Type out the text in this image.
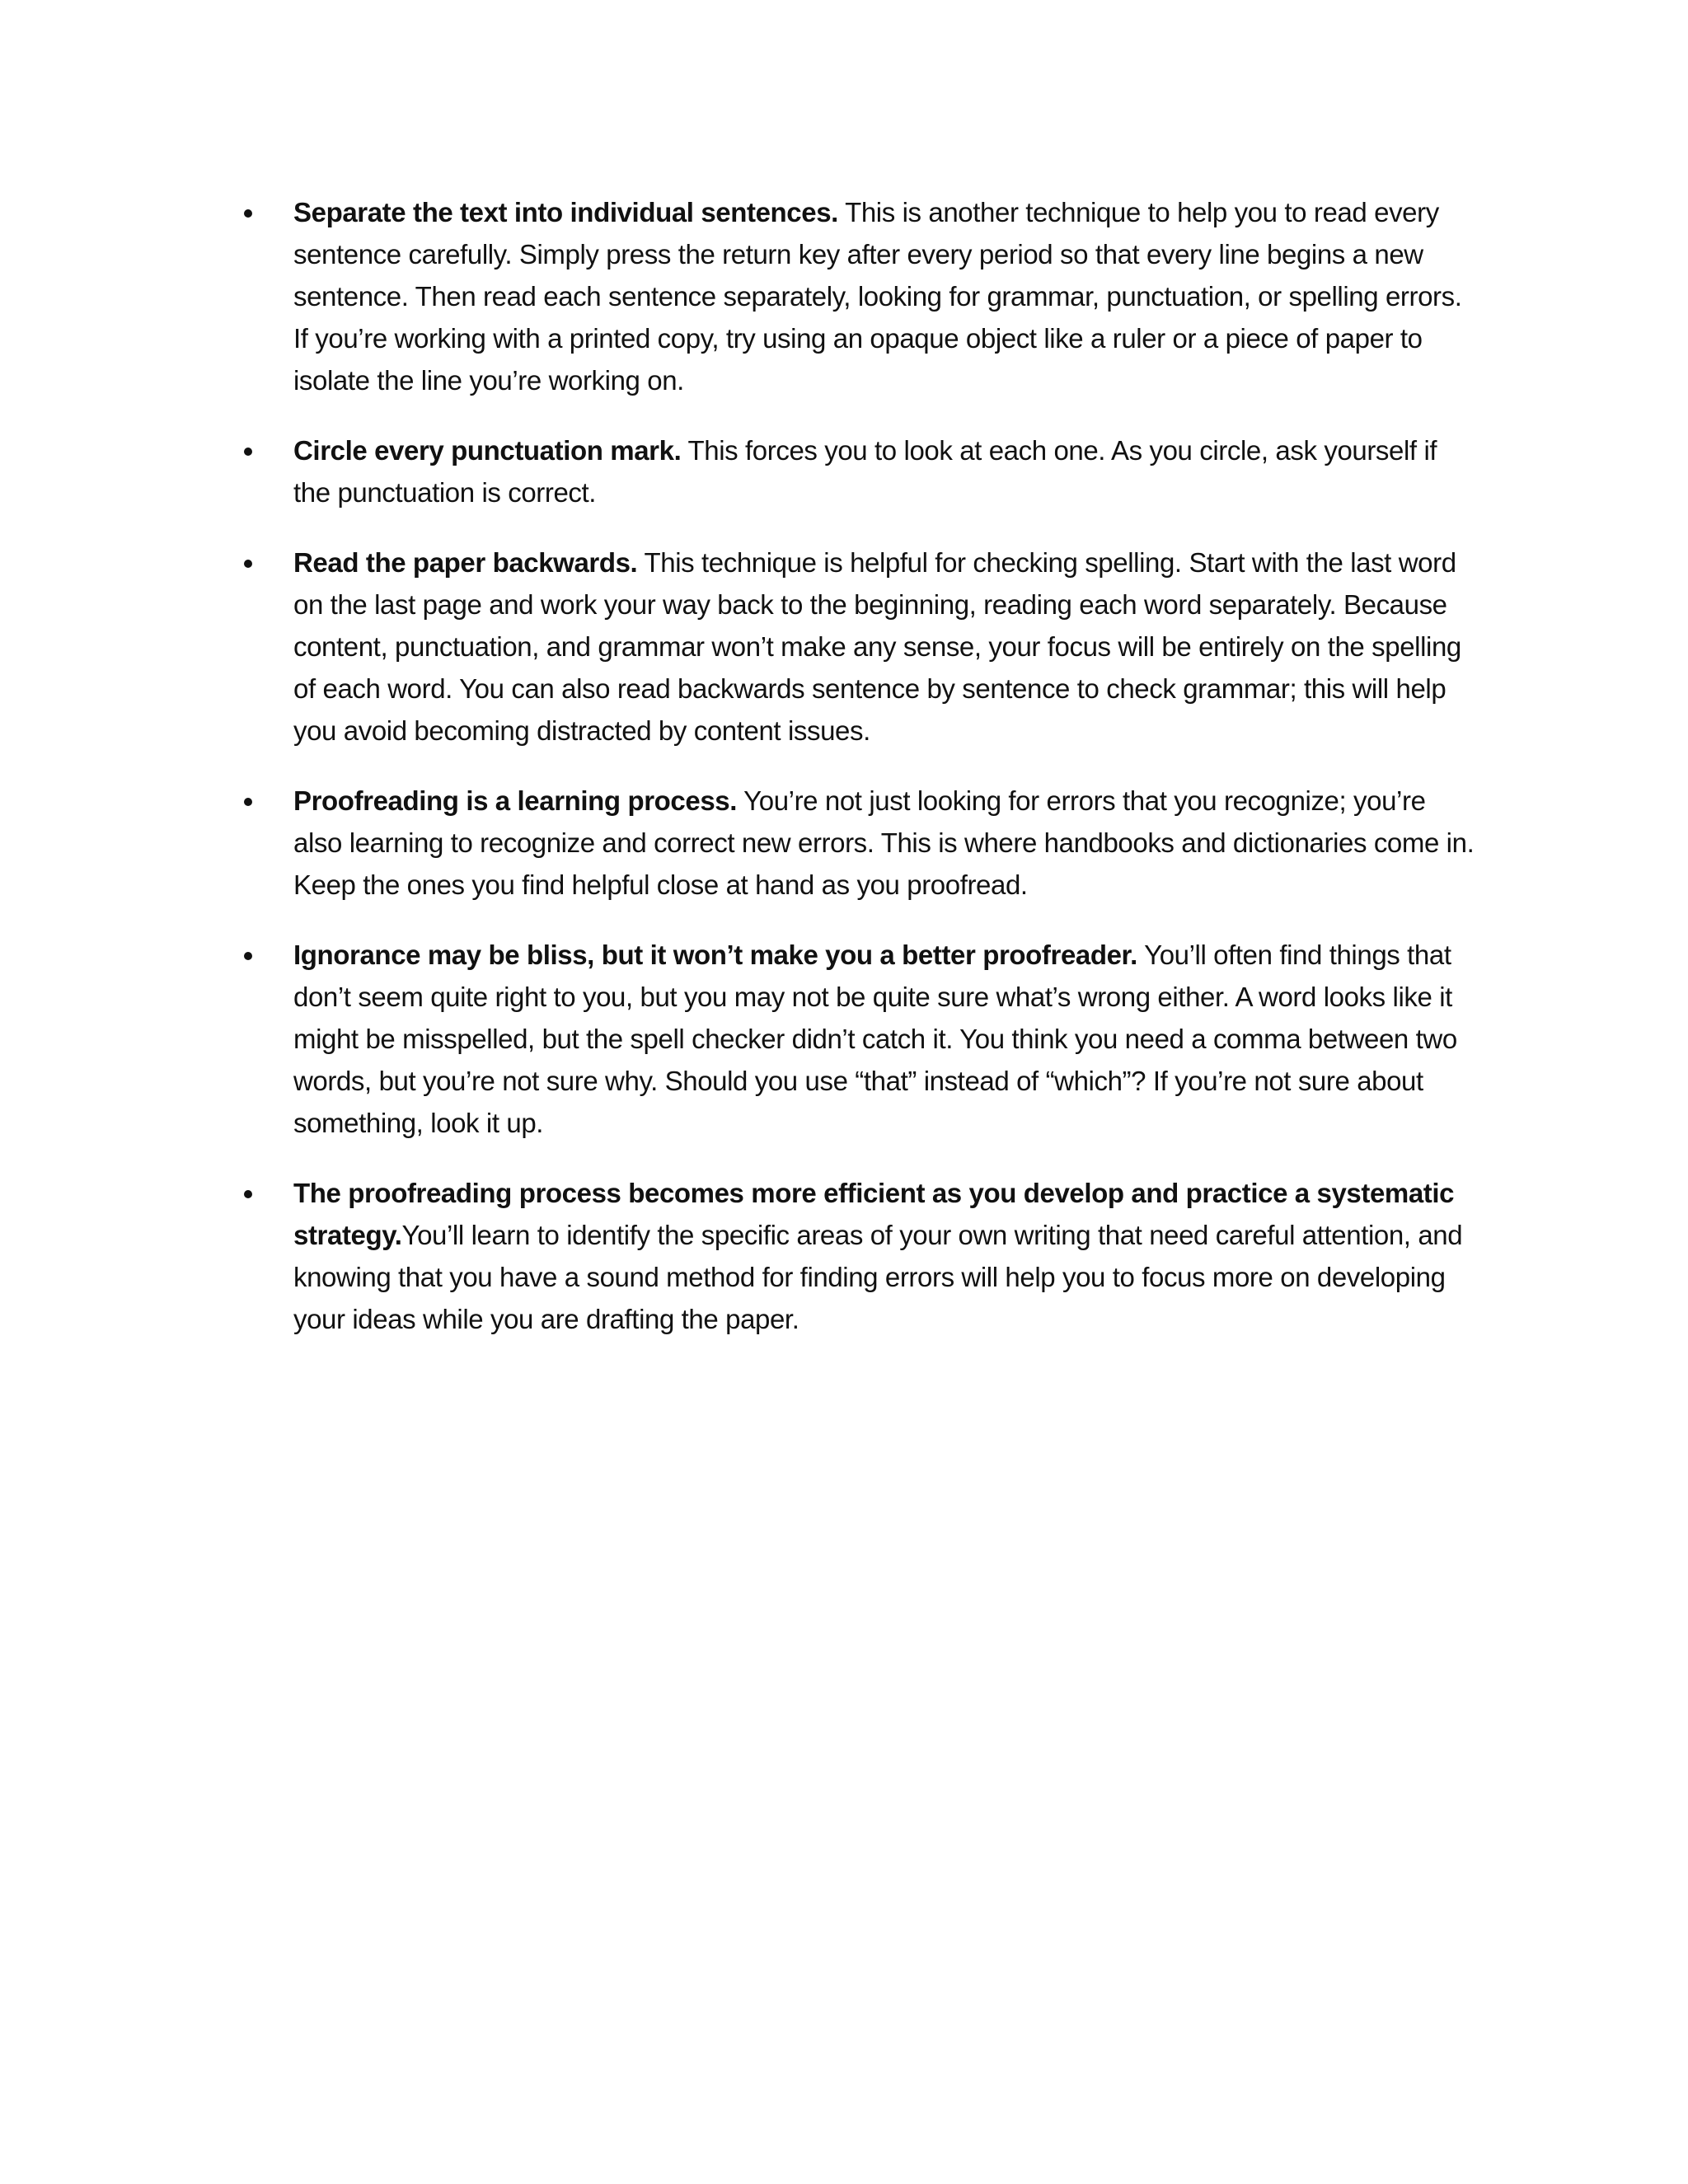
Separate the text into individual sentences. This is another technique to help you to read every sentence carefully. Simply press the return key after every period so that every line begins a new sentence. Then read each sentence separately, looking for grammar, punctuation, or spelling errors. If you’re working with a printed copy, try using an opaque object like a ruler or a piece of paper to isolate the line you’re working on.
Circle every punctuation mark. This forces you to look at each one. As you circle, ask yourself if the punctuation is correct.
Read the paper backwards. This technique is helpful for checking spelling. Start with the last word on the last page and work your way back to the beginning, reading each word separately. Because content, punctuation, and grammar won’t make any sense, your focus will be entirely on the spelling of each word. You can also read backwards sentence by sentence to check grammar; this will help you avoid becoming distracted by content issues.
Proofreading is a learning process. You’re not just looking for errors that you recognize; you’re also learning to recognize and correct new errors. This is where handbooks and dictionaries come in. Keep the ones you find helpful close at hand as you proofread.
Ignorance may be bliss, but it won’t make you a better proofreader. You’ll often find things that don’t seem quite right to you, but you may not be quite sure what’s wrong either. A word looks like it might be misspelled, but the spell checker didn’t catch it. You think you need a comma between two words, but you’re not sure why. Should you use “that” instead of “which”? If you’re not sure about something, look it up.
The proofreading process becomes more efficient as you develop and practice a systematic strategy.You’ll learn to identify the specific areas of your own writing that need careful attention, and knowing that you have a sound method for finding errors will help you to focus more on developing your ideas while you are drafting the paper.
